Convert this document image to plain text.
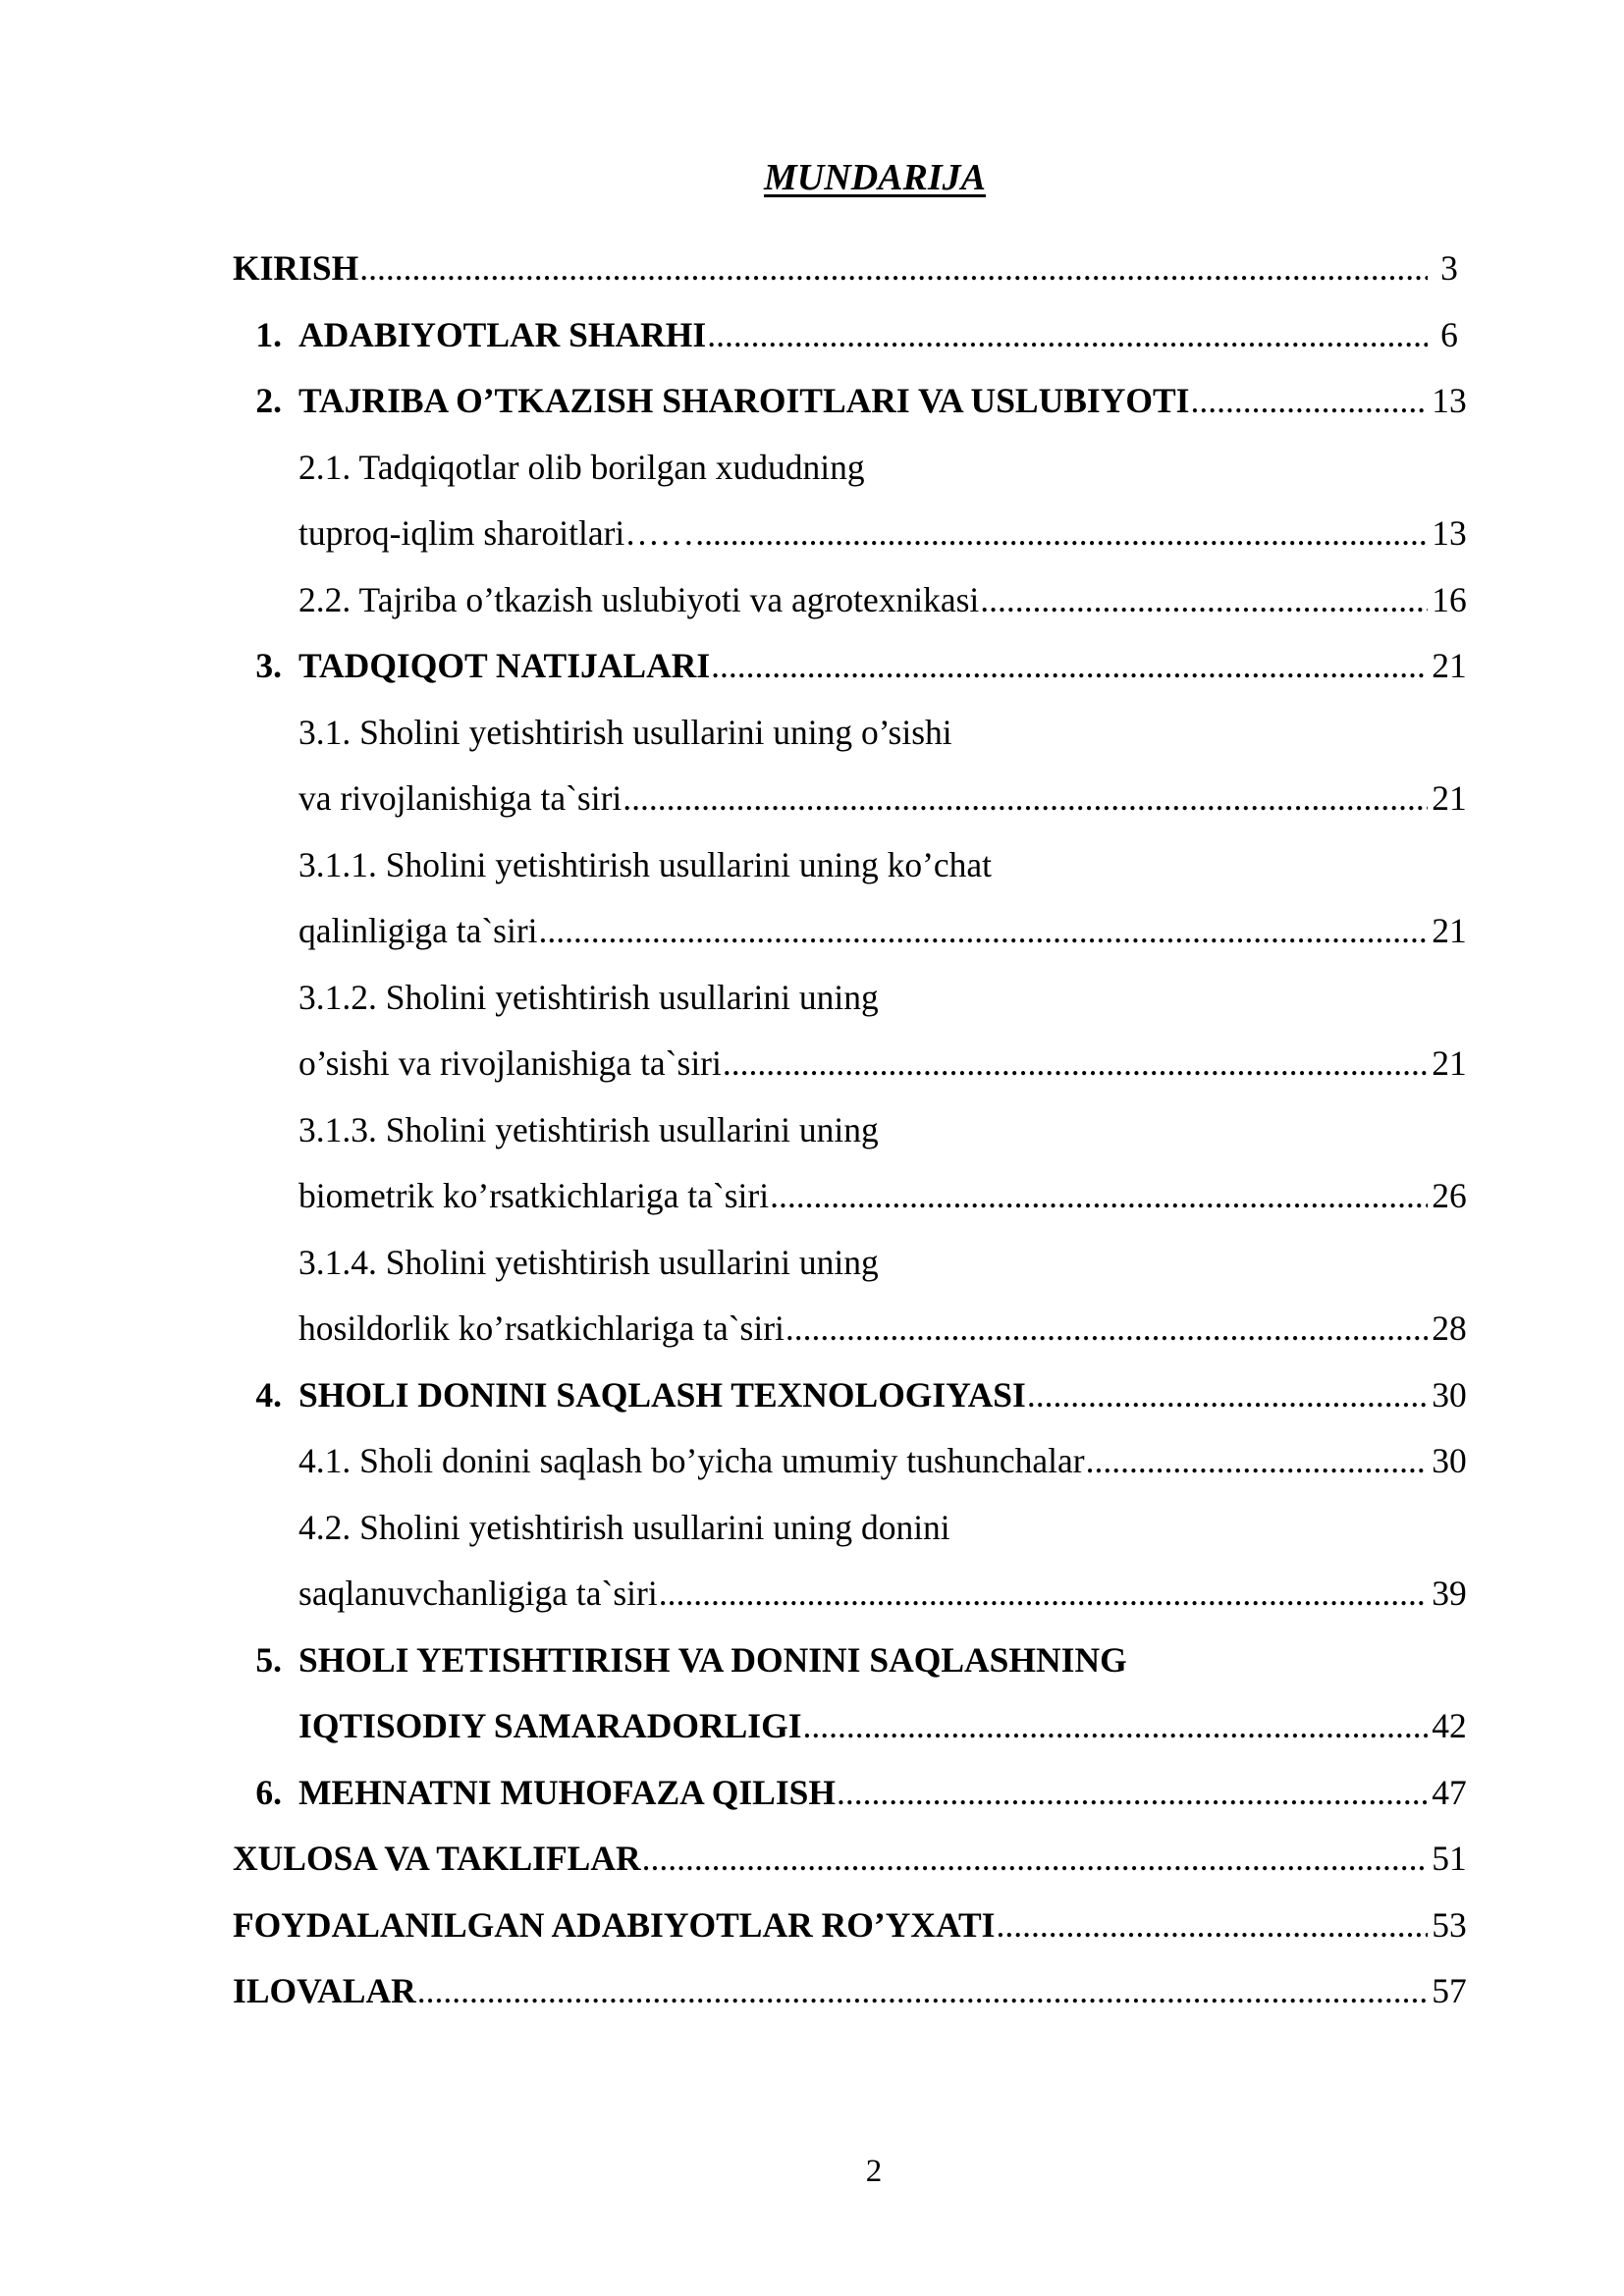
MUNDARIJA
KIRISH .....	3
1. ADABIYOTLAR SHARHI .....	6
2. TAJRIBA O’TKAZISH SHAROITLARI VA USLUBIYOTI .....	13
2.1. Tadqiqotlar olib borilgan xududning
tuproq-iqlim sharoitlari…… .....	13
2.2. Tajriba o’tkazish uslubiyoti va agrotexnikasi .....	16
3. TADQIQOT NATIJALARI .....	21
3.1. Sholini yetishtirish usullarini uning o’sishi
va rivojlanishiga ta`siri .....	21
3.1.1. Sholini yetishtirish usullarini uning ko’chat
qalinligiga ta`siri .....	21
3.1.2. Sholini yetishtirish usullarini uning
o’sishi va rivojlanishiga ta`siri .....	21
3.1.3. Sholini yetishtirish usullarini uning
biometrik ko’rsatkichlariga ta`siri .....	26
3.1.4. Sholini yetishtirish usullarini uning
hosildorlik ko’rsatkichlariga ta`siri .....	28
4. SHOLI DONINI SAQLASH TEXNOLOGIYASI .....	30
4.1. Sholi donini saqlash bo’yicha umumiy tushunchalar .....	30
4.2. Sholini yetishtirish usullarini uning donini
saqlanuvchanligiga ta`siri .....	39
5. SHOLI YETISHTIRISH VA DONINI SAQLASHNING
IQTISODIY SAMARADORLIGI .....	42
6. MEHNATNI MUHOFAZA QILISH .....	47
XULOSA VA TAKLIFLAR .....	51
FOYDALANILGAN ADABIYOTLAR RO’YXATI .....	53
ILOVALAR .....	57
2
